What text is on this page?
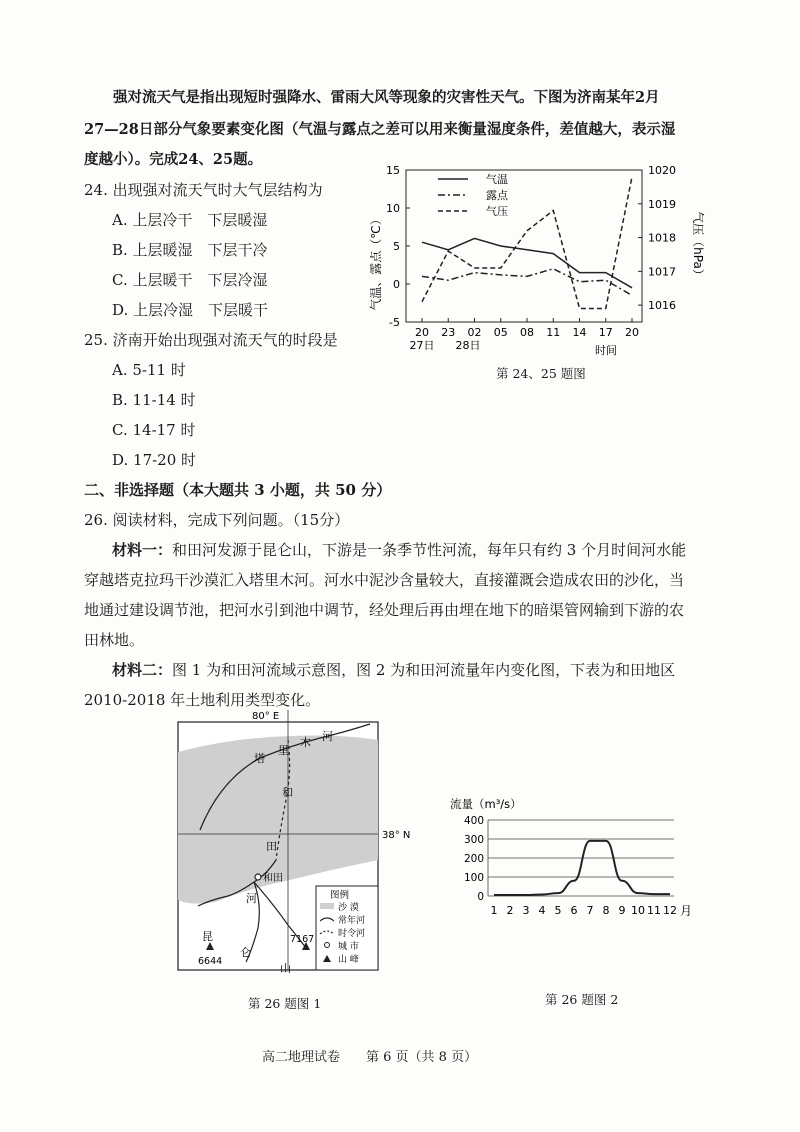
强对流天气是指出现短时强降水、雷雨大风等现象的灾害性天气。下图为济南某年2月
27—28日部分气象要素变化图（气温与露点之差可以用来衡量湿度条件，差值越大，表示湿
度越小）。完成24、25题。
24. 出现强对流天气时大气层结构为
A. 上层冷干　下层暖湿
B. 上层暖湿　下层干冷
C. 上层暖干　下层冷湿
D. 上层冷湿　下层暖干
25. 济南开始出现强对流天气的时段是
A. 5-11 时
B. 11-14 时
C. 14-17 时
D. 17-20 时
气温、露点（℃）	气压（hPa）
气温
露点
气压
27日 28日	时间
15
10
5
0
-5
1020
1019
1018
1017
1016
20 23 02 05 08 11 14 17 20
第 24、25 题图
二、非选择题（本大题共 3 小题，共 50 分）
26. 阅读材料，完成下列问题。（15分）
材料一：和田河发源于昆仑山，下游是一条季节性河流，每年只有约 3 个月时间河水能
穿越塔克拉玛干沙漠汇入塔里木河。河水中泥沙含量较大，直接灌溉会造成农田的沙化，当
地通过建设调节池，把河水引到池中调节，经处理后再由埋在地下的暗渠管网输到下游的农
田林地。
材料二：图 1 为和田河流域示意图，图 2 为和田河流量年内变化图，下表为和田地区
2010-2018 年土地利用类型变化。
80° E
38° N
塔
里
木 河
和
田
河
和田
昆
仑
山
6644
7167
图例
沙 漠
常年河
时令河
城 市
山 峰
第 26 题图 1
流量（m³/s）
月
400
300
200
100
0
1 2 3 4 5 6 7 8 9 10 11 12
第 26 题图 2
高二地理试卷　　第 6 页（共 8 页）
